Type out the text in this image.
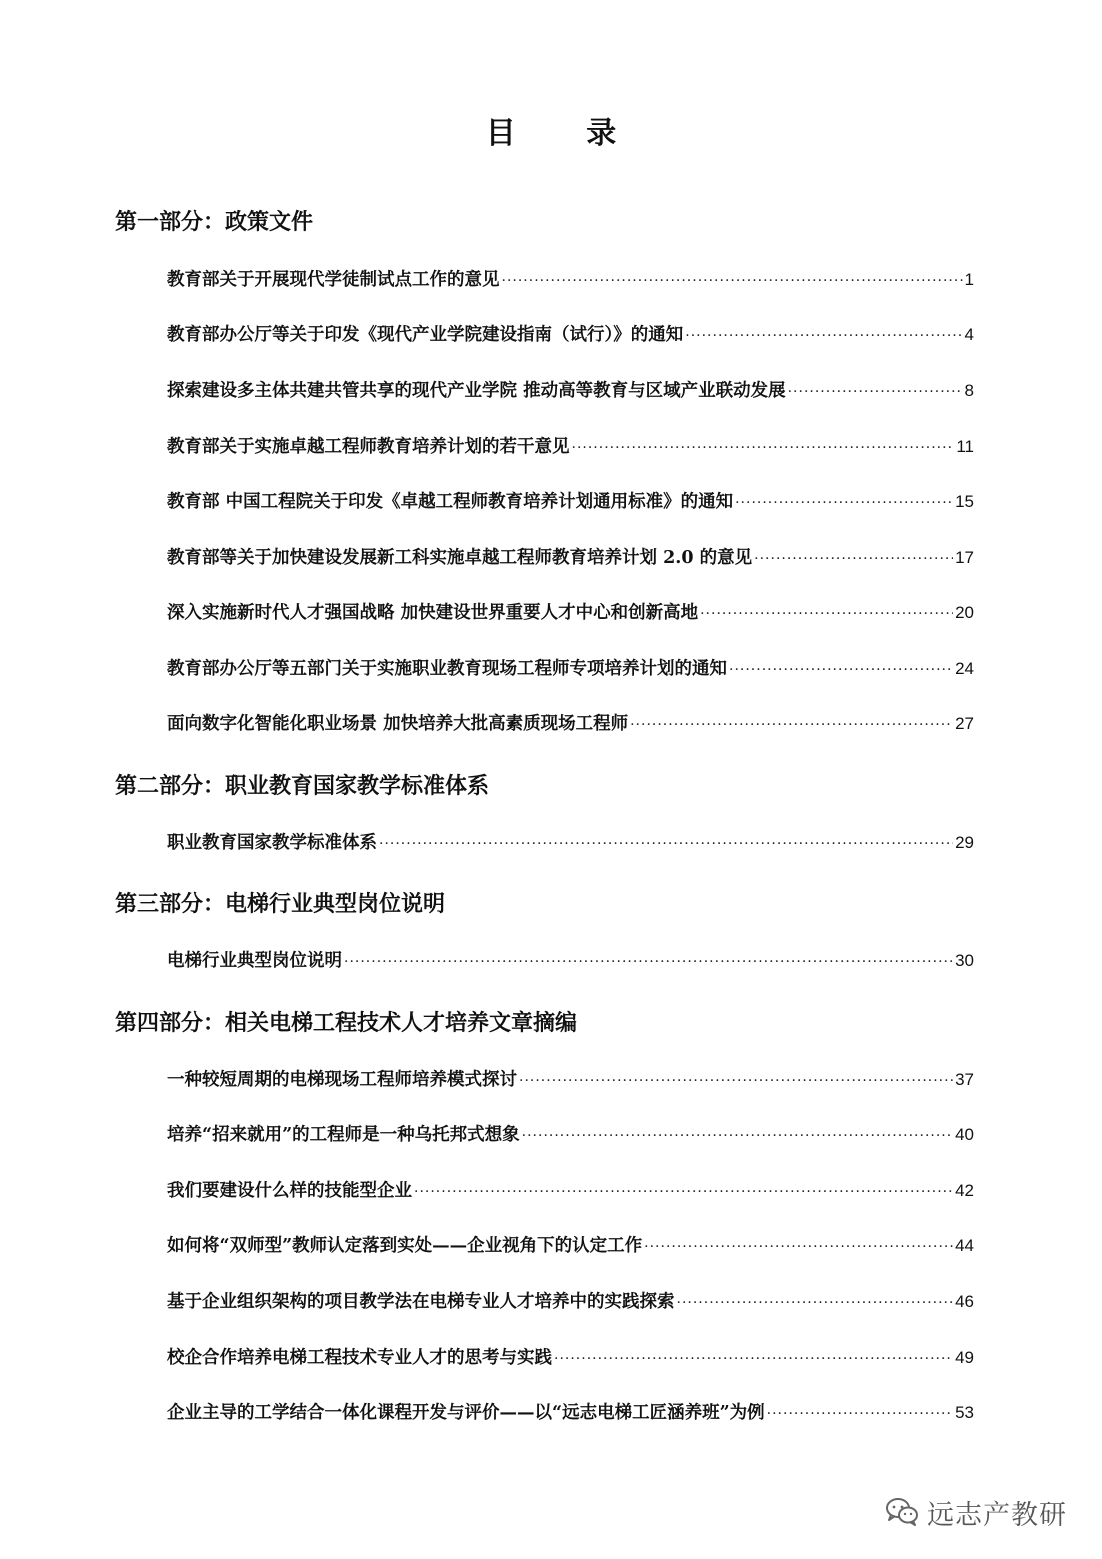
目 录
第一部分：政策文件
教育部关于开展现代学徒制试点工作的意见 ·····	1
教育部办公厅等关于印发《现代产业学院建设指南（试行）》的通知 ·····	4
探索建设多主体共建共管共享的现代产业学院 推动高等教育与区域产业联动发展 ·····	8
教育部关于实施卓越工程师教育培养计划的若干意见 ·····	11
教育部 中国工程院关于印发《卓越工程师教育培养计划通用标准》的通知 ·····	15
教育部等关于加快建设发展新工科实施卓越工程师教育培养计划 2.0 的意见 ·····	17
深入实施新时代人才强国战略 加快建设世界重要人才中心和创新高地 ·····	20
教育部办公厅等五部门关于实施职业教育现场工程师专项培养计划的通知 ·····	24
面向数字化智能化职业场景 加快培养大批高素质现场工程师 ·····	27
第二部分：职业教育国家教学标准体系
职业教育国家教学标准体系 ·····	29
第三部分：电梯行业典型岗位说明
电梯行业典型岗位说明 ·····	30
第四部分：相关电梯工程技术人才培养文章摘编
一种较短周期的电梯现场工程师培养模式探讨 ·····	37
培养“招来就用”的工程师是一种乌托邦式想象 ·····	40
我们要建设什么样的技能型企业 ·····	42
如何将“双师型”教师认定落到实处——企业视角下的认定工作 ·····	44
基于企业组织架构的项目教学法在电梯专业人才培养中的实践探索 ·····	46
校企合作培养电梯工程技术专业人才的思考与实践 ·····	49
企业主导的工学结合一体化课程开发与评价——以“远志电梯工匠涵养班”为例 ·····	53
远志产教研
